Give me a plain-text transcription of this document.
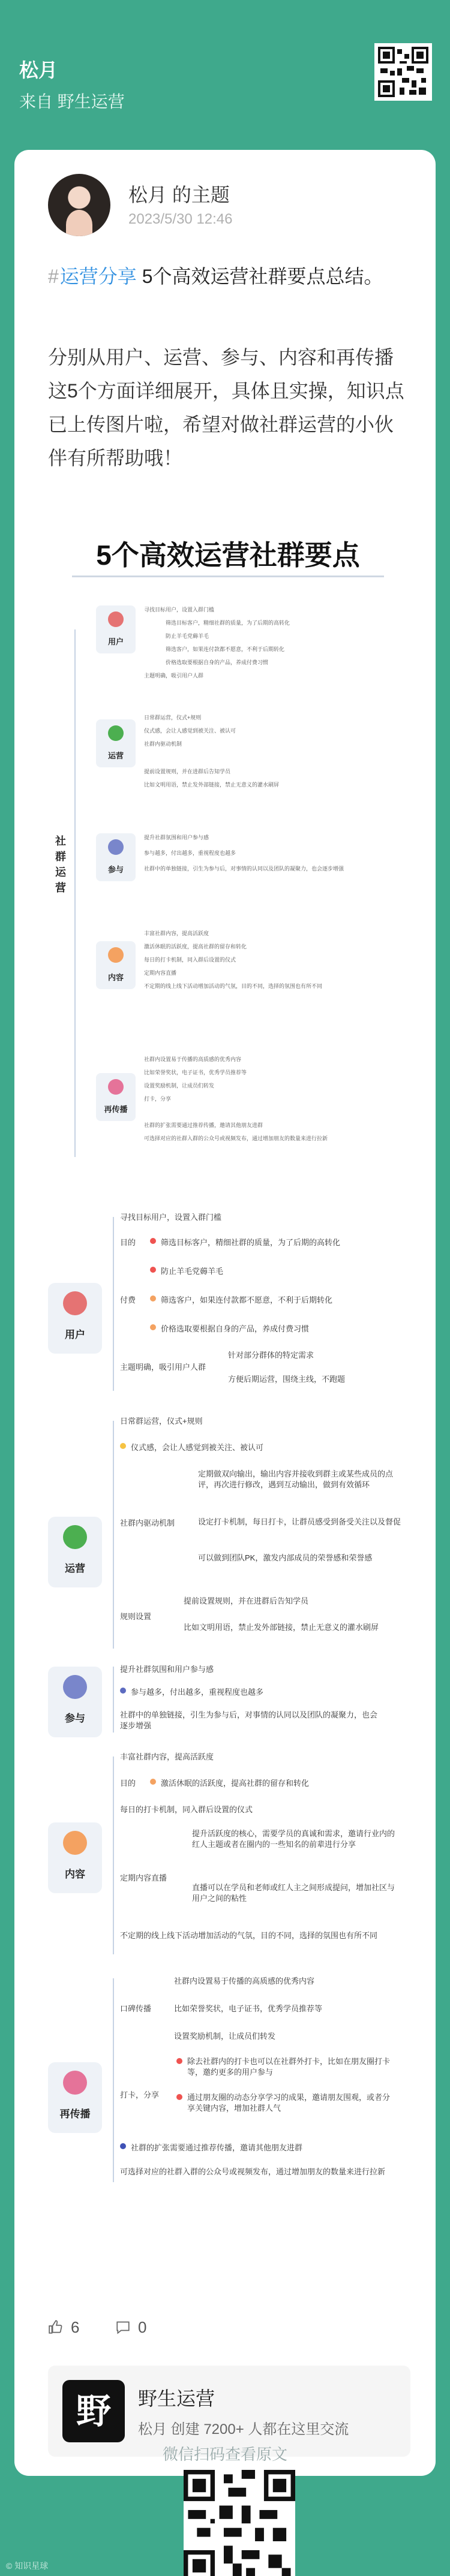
松月
来自 野生运营
松月 的主题
2023/5/30 12:46
#运营分享 5个高效运营社群要点总结。
分别从用户、运营、参与、内容和再传播这5个方面详细展开，具体且实操，知识点已上传图片啦，希望对做社群运营的小伙伴有所帮助哦！
5个高效运营社群要点
社群运营
用户
寻找目标用户，设置入群门槛
筛选目标客户，精细社群的质量，为了后期的高转化
防止羊毛党薅羊毛
筛选客户，如果连付款都不愿意，不利于后期转化
价格选取要根据自身的产品，养成付费习惯
主题明确，吸引用户人群
运营
日常群运营，仪式+规则
仪式感，会让人感觉到被关注、被认可
社群内驱动机制
提前设置规则，并在进群后告知学员
比如文明用语，禁止发外部链接，禁止无意义的灌水刷屏
参与
提升社群氛围和用户参与感
参与越多，付出越多，重视程度也越多
社群中的单独链接，引生为参与后，对事情的认同以及团队的凝聚力，也会逐步增强
内容
丰富社群内容，提高活跃度
激活休眠的活跃度，提高社群的留存和转化
每日的打卡机制，同入群后设置的仪式
定期内容直播
不定期的线上线下活动增加活动的气氛，目的不同，选择的氛围也有所不同
再传播
社群内设置易于传播的高质感的优秀内容
比如荣誉奖状，电子证书，优秀学员推荐等
设置奖励机制，让成员们转发
打卡，分享
社群的扩张需要通过推荐传播，邀请其他朋友进群
可选择对应的社群入群的公众号或视频发布，通过增加朋友的数量来进行拉新
用户
寻找目标用户，设置入群门槛
目的	筛选目标客户，精细社群的质量，为了后期的高转化
付费
防止羊毛党薅羊毛
筛选客户，如果连付款都不愿意，不利于后期转化
价格选取要根据自身的产品，养成付费习惯
主题明确，吸引用户人群
针对部分群体的特定需求
方便后期运营，围绕主线，不跑题
运营
日常群运营，仪式+规则
仪式感，会让人感觉到被关注、被认可
社群内驱动机制
定期做双向输出，输出内容并接收到群主或某些成员的点评，再次进行修改，遇到互动输出，做到有效循环
设定打卡机制，每日打卡，让群员感受到备受关注以及督促
可以做到团队PK，激发内部成员的荣誉感和荣誉感
规则设置
提前设置规则，并在进群后告知学员
比如文明用语，禁止发外部链接，禁止无意义的灌水刷屏
参与
提升社群氛围和用户参与感
参与越多，付出越多，重视程度也越多
社群中的单独链接，引生为参与后，对事情的认同以及团队的凝聚力，也会逐步增强
内容
丰富社群内容，提高活跃度
目的	激活休眠的活跃度，提高社群的留存和转化
每日的打卡机制，同入群后设置的仪式
定期内容直播
提升活跃度的核心，需要学员的真诚和需求，邀请行业内的红人主题或者在圈内的一些知名的前辈进行分享
直播可以在学员和老师或红人主之间形成提问，增加社区与用户之间的粘性
不定期的线上线下活动增加活动的气氛，目的不同，选择的氛围也有所不同
再传播
口碑传播
社群内设置易于传播的高质感的优秀内容
比如荣誉奖状，电子证书，优秀学员推荐等
设置奖励机制，让成员们转发
打卡，分享
除去社群内的打卡也可以在社群外打卡，比如在朋友圈打卡等，邀约更多的用户参与
通过朋友圈的动态分享学习的成果，邀请朋友围观，或者分享关键内容，增加社群人气
社群的扩张需要通过推荐传播，邀请其他朋友进群
可选择对应的社群入群的公众号或视频发布，通过增加朋友的数量来进行拉新
6	0
野	野生运营
松月 创建 7200+ 人都在这里交流
微信扫码查看原文
© 知识星球
